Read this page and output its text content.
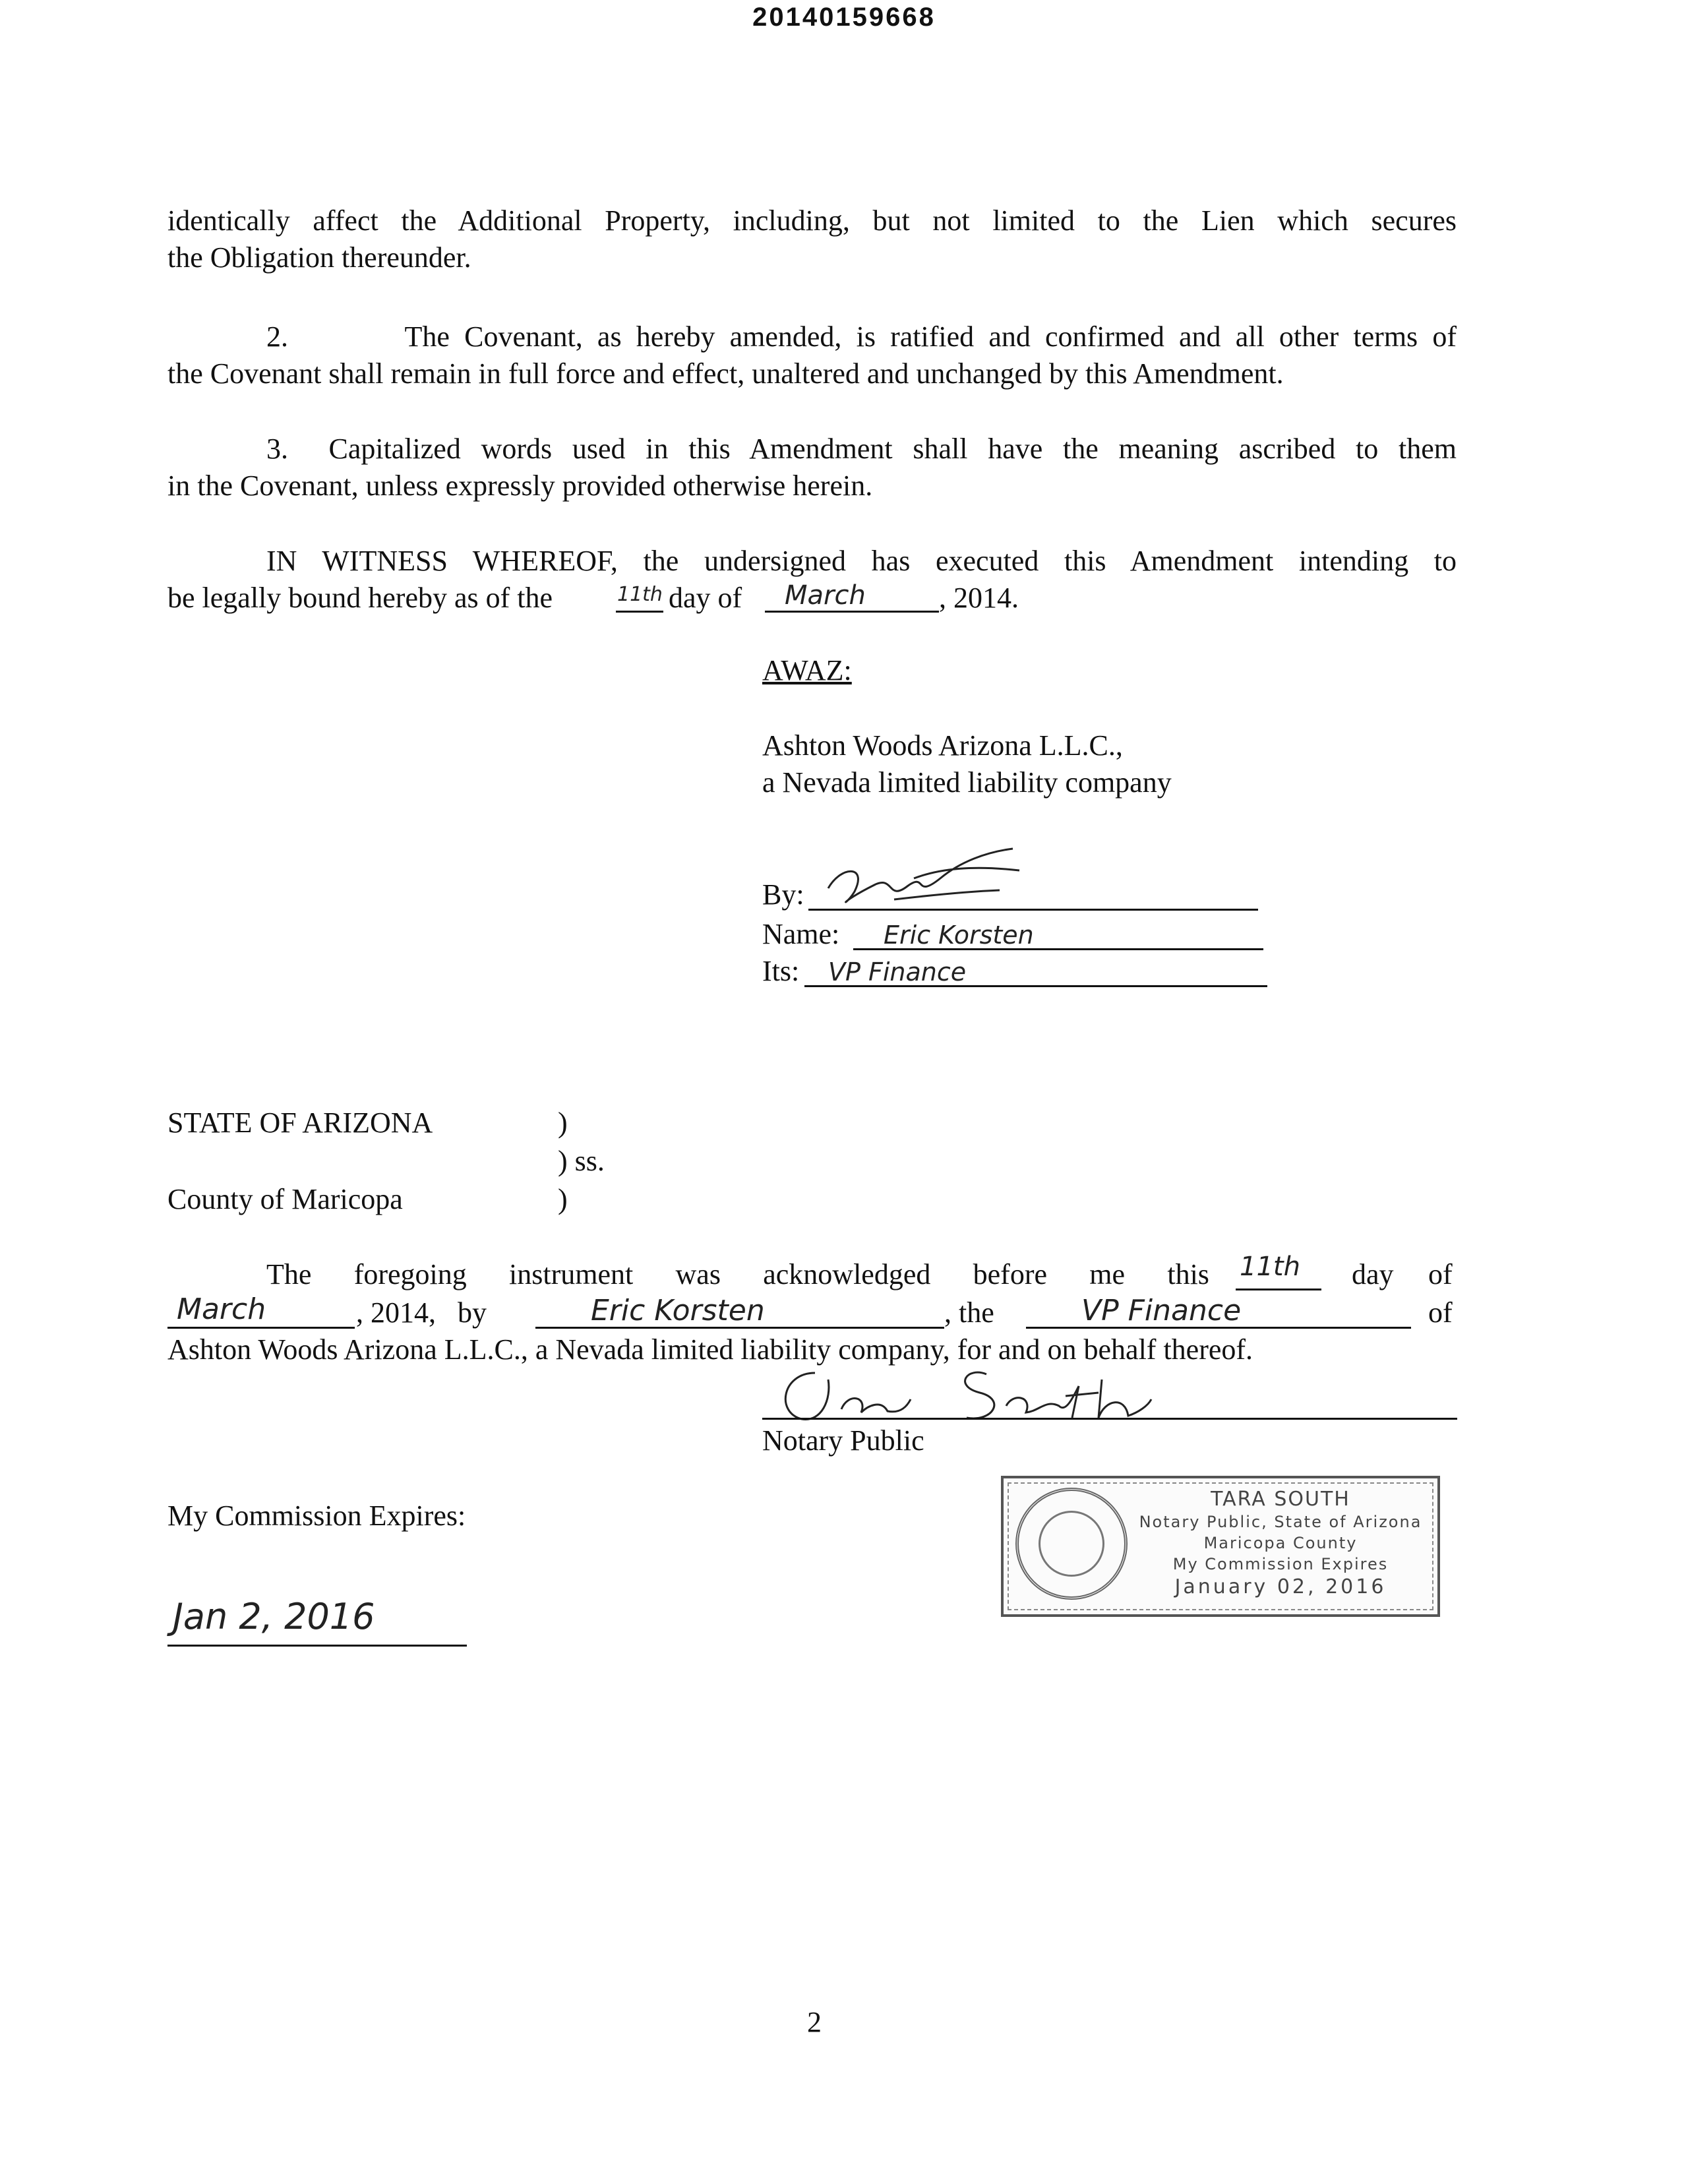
20140159668
identically affect the Additional Property, including, but not limited to the Lien which secures
the Obligation thereunder.
2.        The Covenant, as hereby amended, is ratified and confirmed and all other terms of
the Covenant shall remain in full force and effect, unaltered and unchanged by this Amendment.
3.  Capitalized words used in this Amendment shall have the meaning ascribed to them
in the Covenant, unless expressly provided otherwise herein.
IN WITNESS WHEREOF, the undersigned has executed this Amendment intending to
be legally bound hereby as of the	11th day of March	, 2014.
AWAZ:
Ashton Woods Arizona L.L.C.,
a Nevada limited liability company
By:
Name: Eric Korsten
Its: VP Finance
STATE OF ARIZONA	)
) ss.
County of Maricopa	)
The foregoing instrument was acknowledged before me this 11th day of
March	, 2014,   by	Eric Korsten	, the	VP Finance	of
Ashton Woods Arizona L.L.C., a Nevada limited liability company, for and on behalf thereof.
Notary Public
My Commission Expires:
Jan 2, 2016
TARA SOUTH
Notary Public, State of Arizona
Maricopa County
My Commission Expires
January 02, 2016
2
